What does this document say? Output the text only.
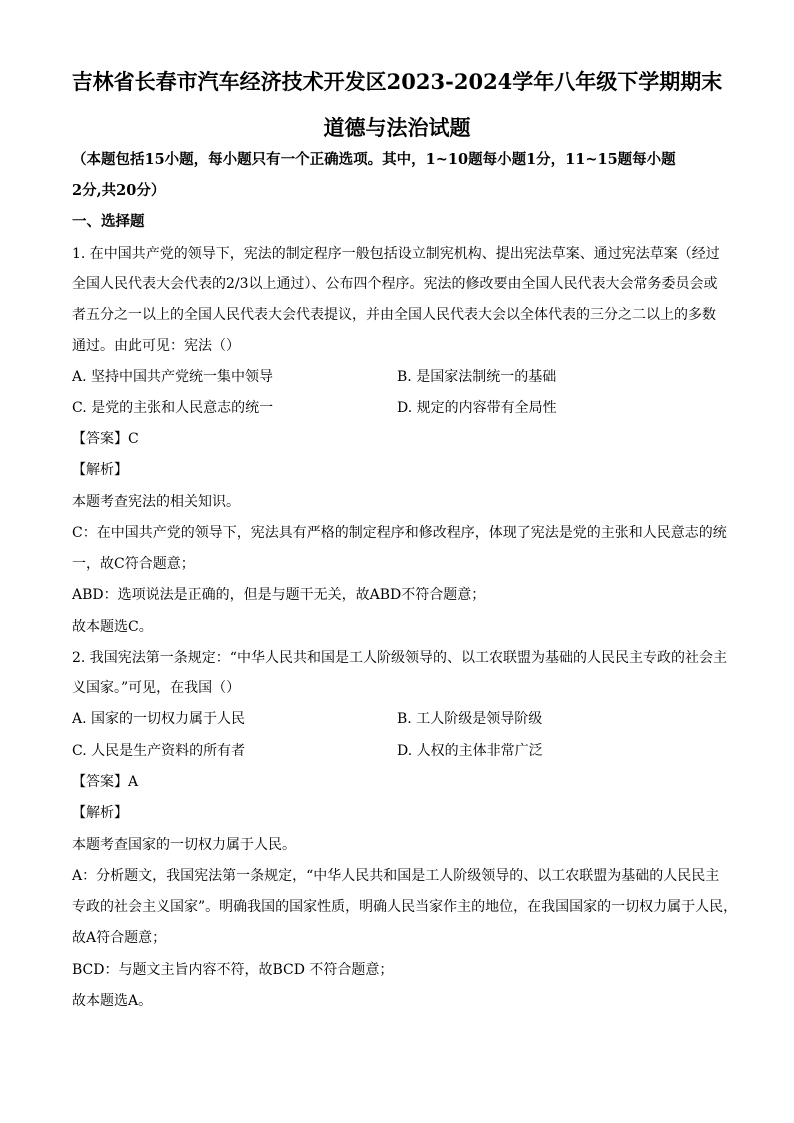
吉林省长春市汽车经济技术开发区2023-2024学年八年级下学期期末
道德与法治试题
（本题包括15小题，每小题只有一个正确选项。其中，1~10题每小题1分，11~15题每小题
2分,共20分）
一、选择题
1. 在中国共产党的领导下，宪法的制定程序一般包括设立制宪机构、提出宪法草案、通过宪法草案（经过
全国人民代表大会代表的2/3以上通过）、公布四个程序。宪法的修改要由全国人民代表大会常务委员会或
者五分之一以上的全国人民代表大会代表提议，并由全国人民代表大会以全体代表的三分之二以上的多数
通过。由此可见：宪法（）
A. 坚持中国共产党统一集中领导	B. 是国家法制统一的基础
C. 是党的主张和人民意志的统一	D. 规定的内容带有全局性
【答案】C
【解析】
本题考查宪法的相关知识。
C：在中国共产党的领导下，宪法具有严格的制定程序和修改程序，体现了宪法是党的主张和人民意志的统
一，故C符合题意；
ABD：选项说法是正确的，但是与题干无关，故ABD不符合题意；
故本题选C。
2. 我国宪法第一条规定：“中华人民共和国是工人阶级领导的、以工农联盟为基础的人民民主专政的社会主
义国家。”可见，在我国（）
A. 国家的一切权力属于人民	B. 工人阶级是领导阶级
C. 人民是生产资料的所有者	D. 人权的主体非常广泛
【答案】A
【解析】
本题考查国家的一切权力属于人民。
A：分析题文，我国宪法第一条规定，“中华人民共和国是工人阶级领导的、以工农联盟为基础的人民民主
专政的社会主义国家”。明确我国的国家性质，明确人民当家作主的地位，在我国国家的一切权力属于人民，
故A符合题意；
BCD：与题文主旨内容不符，故BCD 不符合题意；
故本题选A。
